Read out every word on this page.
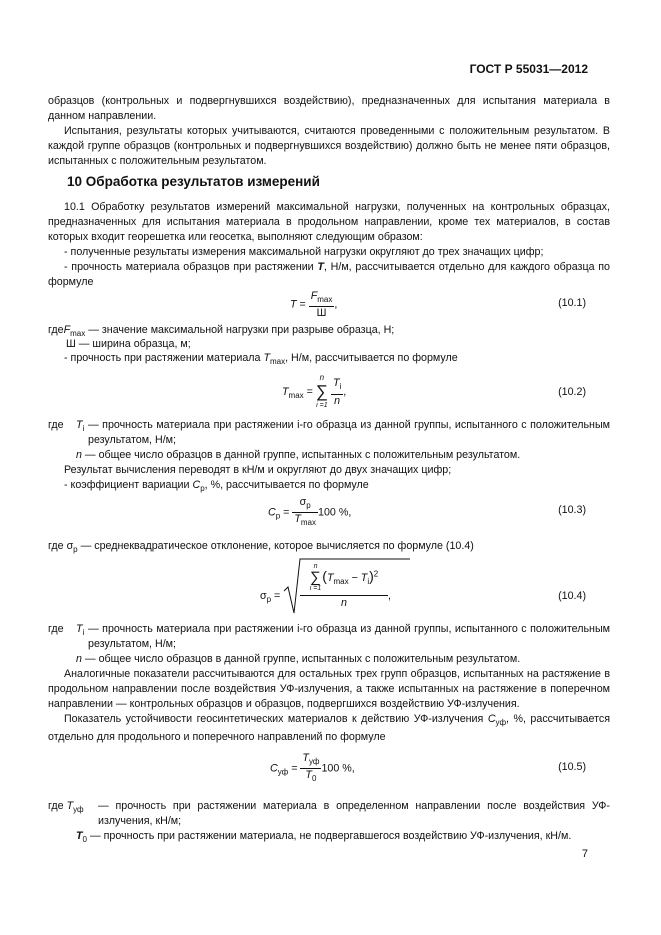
ГОСТ Р 55031—2012
образцов (контрольных и подвергнувшихся воздействию), предназначенных для испытания материала в данном направлении.
Испытания, результаты которых учитываются, считаются проведенными с положительным результатом. В каждой группе образцов (контрольных и подвергнувшихся воздействию) должно быть не менее пяти образцов, испытанных с положительным результатом.
10 Обработка результатов измерений
10.1 Обработку результатов измерений максимальной нагрузки, полученных на контрольных образцах, предназначенных для испытания материала в продольном направлении, кроме тех материалов, в состав которых входит георешетка или геосетка, выполняют следующим образом:
- полученные результаты измерения максимальной нагрузки округляют до трех значащих цифр;
- прочность материала образцов при растяжении T, Н/м, рассчитывается отдельно для каждого образца по формуле
$T = \frac{F_{max}}{Ш}$ ,	(10.1)
гдеF$_{max}$ — значение максимальной нагрузки при разрыве образца, Н;
Ш — ширина образца, м;
- прочность при растяжении материала $T_{max}$, Н/м, рассчитывается по формуле
$T_{max}$ =
n
∑
i =1
$\frac{T_i}{n}$ ,	(10.2)
где $T_i$ — прочность материала при растяжении i-го образца из данной группы, испытанного с положительным результатом, Н/м;
n — общее число образцов в данной группе, испытанных с положительным результатом.
Результат вычисления переводят в кН/м и округляют до двух значащих цифр;
- коэффициент вариации $C_p$, %, рассчитывается по формуле
$C_p = \frac{\sigma_p}{T_{max}} 100$ %,	(10.3)
где $\sigma_p$ — среднеквадратическое отклонение, которое вычисляется по формуле (10.4)
$\sigma_p$ =
n
∑
i =1
$(T_{max} - T_i)^2$
n
,	(10.4)
где $T_i$ — прочность материала при растяжении i-го образца из данной группы, испытанного с положительным результатом, Н/м;
n — общее число образцов в данной группе, испытанных с положительным результатом.
Аналогичные показатели рассчитываются для остальных трех групп образцов, испытанных на растяжение в продольном направлении после воздействия УФ-излучения, а также испытанных на растяжение в поперечном направлении — контрольных образцов и образцов, подвергшихся воздействию УФ-излучения.
Показатель устойчивости геосинтетических материалов к действию УФ-излучения $C_{уф}$, %, рассчитывается отдельно для продольного и поперечного направлений по формуле
$C_{уф} = \frac{T_{уф}}{T_0} 100$ %,	(10.5)
где $T_{уф}$ — прочность при растяжении материала в определенном направлении после воздействия УФ-излучения, кН/м;
$T_0$ — прочность при растяжении материала, не подвергавшегося воздействию УФ-излучения, кН/м.
7
